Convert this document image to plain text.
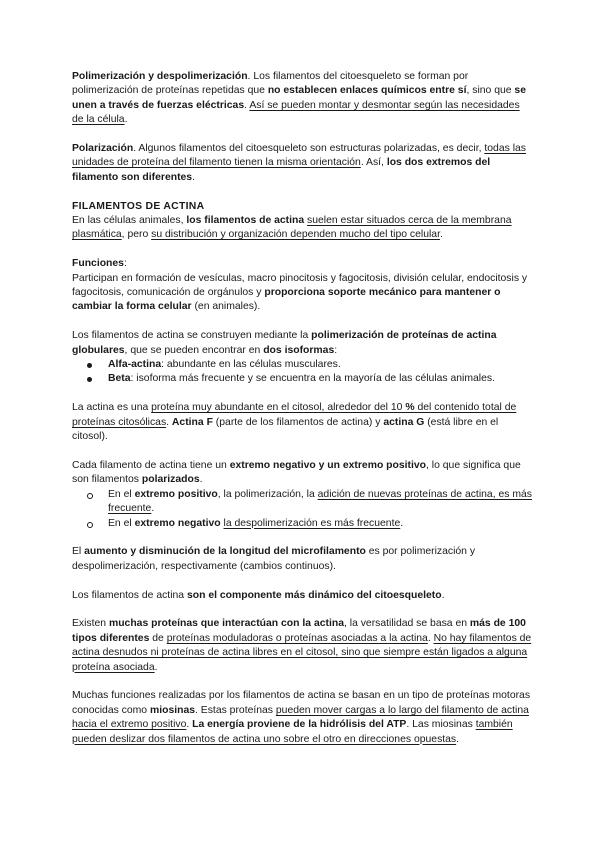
Polimerización y despolimerización. Los filamentos del citoesqueleto se forman por polimerización de proteínas repetidas que no establecen enlaces químicos entre sí, sino que se unen a través de fuerzas eléctricas. Así se pueden montar y desmontar según las necesidades de la célula.

Polarización. Algunos filamentos del citoesqueleto son estructuras polarizadas, es decir, todas las unidades de proteína del filamento tienen la misma orientación. Así, los dos extremos del filamento son diferentes.

FILAMENTOS DE ACTINA

En las células animales, los filamentos de actina suelen estar situados cerca de la membrana plasmática, pero su distribución y organización dependen mucho del tipo celular.

Funciones:

Participan en formación de vesículas, macro pinocitosis y fagocitosis, división celular, endocitosis y fagocitosis, comunicación de orgánulos y proporciona soporte mecánico para mantener o cambiar la forma celular (en animales).

Los filamentos de actina se construyen mediante la polimerización de proteínas de actina globulares, que se pueden encontrar en dos isoformas:

Alfa-actina: abundante en las células musculares.
Beta: isoforma más frecuente y se encuentra en la mayoría de las células animales.

La actina es una proteína muy abundante en el citosol, alrededor del 10 % del contenido total de proteínas citosólicas. Actina F (parte de los filamentos de actina) y actina G (está libre en el citosol).

Cada filamento de actina tiene un extremo negativo y un extremo positivo, lo que significa que son filamentos polarizados.

En el extremo positivo, la polimerización, la adición de nuevas proteínas de actina, es más frecuente.
En el extremo negativo la despolimerización es más frecuente.

El aumento y disminución de la longitud del microfilamento es por polimerización y despolimerización, respectivamente (cambios continuos).

Los filamentos de actina son el componente más dinámico del citoesqueleto.

Existen muchas proteínas que interactúan con la actina, la versatilidad se basa en más de 100 tipos diferentes de proteínas moduladoras o proteínas asociadas a la actina. No hay filamentos de actina desnudos ni proteínas de actina libres en el citosol, sino que siempre están ligados a alguna proteína asociada.

Muchas funciones realizadas por los filamentos de actina se basan en un tipo de proteínas motoras conocidas como miosinas. Estas proteínas pueden mover cargas a lo largo del filamento de actina hacia el extremo positivo. La energía proviene de la hidrólisis del ATP. Las miosinas también pueden deslizar dos filamentos de actina uno sobre el otro en direcciones opuestas.
